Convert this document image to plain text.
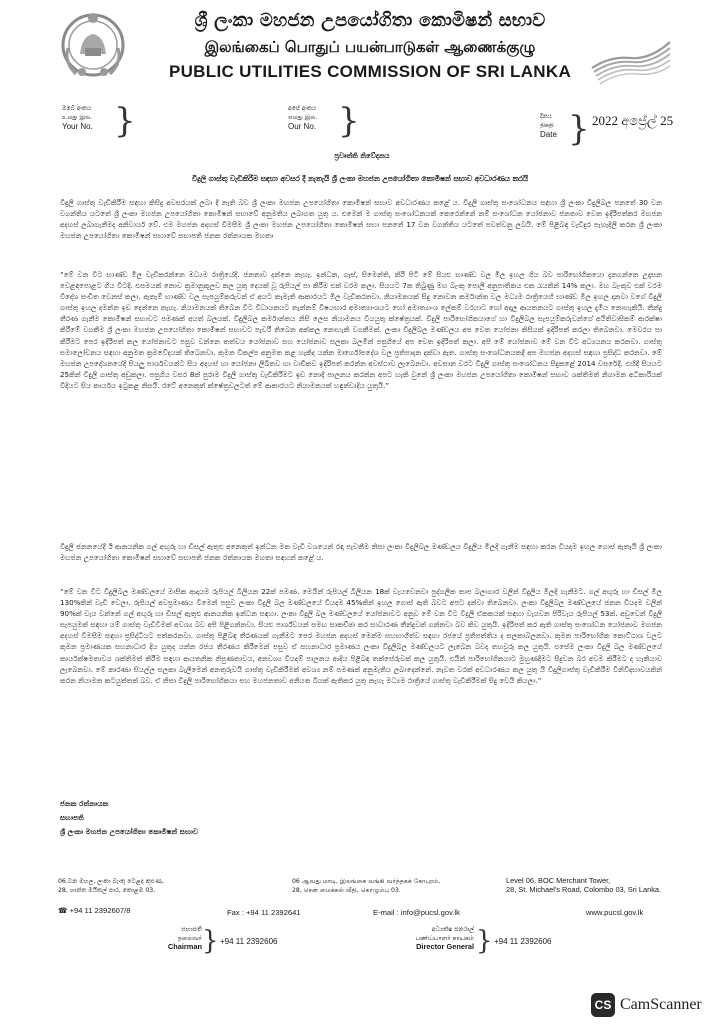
ශ්‍රී ලංකා මහජන උපයෝගිතා කොමිෂන් සභාව
இலங்கைப் பொதுப் பயன்பாடுகள் ஆணைக்குழு
PUBLIC UTILITIES COMMISSION OF SRI LANKA
ඔබේ අංකය
உமது இல.
Your No. }	අපේ අංකය
எமது இல.
Our No. }	දිනය
திகதி
Date } 2022 අප්‍රේල් 25
ප්‍රවෘත්ති නිවේදනය
විදුලි ගාස්තු වැඩිකිරීම සඳහා අවසර දී නැතැයි ශ්‍රී ලංකා මහජන උපයෝගිතා කොමිෂන් සභාව අවධාරණය කරයි

විදුලි ගාස්තු වැඩිකිරීම සඳහා කිසිදු අවසරයක් ලබා දී නැති බව ශ්‍රී ලංකා මහජන උපයෝගිතා කොමිෂන් සභාව අවධාරණය කළේ ය. විදුලි ගාස්තු සංශෝධනය සඳහා ශ්‍රී ලංකා විදුලිබල පනතේ 30 වන වගන්තිය යටතේ ශ්‍රී ලංකා මහජන උපයෝගිතා කොමිෂන් සභාවේ අනුමතිය ලබාගත යුතු ය. එමෙන් ම ගාස්තු සංශෝධනයක් කෙරෙන්නේ නම් සංශෝධන යෝජනාව ජනතාව වෙත ඉදිරිපත්කර මහජන අදහස් ලබාගැනීමද අනිවාර්ය වේ. එම මහජන අදහස් විමසීම ශ්‍රී ලංකා මහජන උපයෝගිතා කොමිෂන් සභා පනතේ 17 වන වගන්තිය යටතේ පවත්වනු ලබයි. මේ පිළිබඳ වැඩිදුර පැහැදිලි කරන ශ්‍රී ලංකා මහජන උපයෝගිතා කොමිෂන් සභාවේ සභාපති ජනක රත්නායක මහතා

“මේ වන විට භාණ්ඩ මිල වැඩිකරන්නෙ මධ්‍යම රාත්‍රියේදී. ජනතාව දන්නෙ නැහැ. ඉන්ධන, ගෑස්, සිමෙන්ති, කිරි පිටි මේ සියළු භාණ්ඩ වල මිල ඉහල ගිය බව පාරිභෝගිකයො දැනගන්නෙ උදෑසන වෙළඳපොළට ගිය විටදී. එසමයක් නොව ක්‍රමානුකූලව කල යුතු දෙයක් වූ රුපියල් පා කිරීම එක් වරම කලා. සියයට 7ක තිබුණු මහ බැංකු පොලී අනුපාතිකය එක රැයකින් 14% කලා. මහ බැංකුව එක් වරම විදේශ සංචිත වෙනස් කලා. ඇතැම් භාණ්ඩ වල සැපයුම්කරුවන් ඒ අයට කැමැති ආකාරයට මිල වැඩිකරනවා. නියාමනයක් සිදු නොවන කර්මාන්ත වල මධ්‍යම රාත්‍රියෙහි භාණ්ඩ මිල ඉහල දානවා වගේ විදුලි ගාස්තු ඉහල දමන්න ඉඩ දෙන්නෙ නැහැ. නියාමනයක් තිබෙන විට විධායකයට තැන්නම් විෂයභාර අමාත්‍යාංශයට හෝ අමාත්‍යාංශ ලේකම් වරයාට හෝ අදාල ආයතනයට ගාස්තු ඉහල දැමිය නොහැකියි. තීන්දු තීරණ ගැනීම කොමිෂන් සභාවට පමණක් අයත් බලයක්. විදුලිබල කර්මාන්තය නිසි ලෙස නියාමනය වියයුතු ක්ෂේත්‍රයක්. විදුලි පාරිභෝගිකයාගේ හා විදුලිබල සැපයුම්කරුවන්ගේ අයිතිවාසිකම් ආරක්ෂා කිරීමේ වගකීම ශ්‍රී ලංකා මහජන උපයෝගිතා කොමිෂන් සභාවට පැවරී තිබෙන අක්කල නොහැකි වගකීමක්. ලංකා විදුලිබල මණ්ඩලය අප වෙත යෝජනා කිසියක් ඉදිරිපත් කරලා තිබෙනවා. මෙවරය පා කිරීමට පෙර ඉදිරිපත් කල යෝජනාවට පසුව වන්නෙ තත්වය යෝජනාව සහ යෝජනාව සලකා බලමින් පසුගියේ අප වෙත ඉදිරිපත් කලා. අපි මේ යෝජනාව මේ වන විට අධ්‍යයනය කරනවා. ගාස්තු සමාලෝචනය සඳහා අනුමත ක්‍රමවේදයක් තිබෙනවා. කුමන විකල්ප අනුමත කළ හැකිද යන්න මාර්ගෝපදේශ වල ප්‍රතිපාදන දක්වා ඇත. ගාස්තු සංශෝධනයකදී අප මහජන අදහස් සඳහා ප්‍රසිද්ධ කරනවා. මේ මහජන උපදේශනයේදී සියලු පාර්ශවයන්ට සිය අදහස් හා යෝජනා ලිඛිතව හා වාචිකව ඉදිරිපත් කරන්න අවස්ථාව ලැබෙනවා. අවසාන වරට විදුලි ගාස්තු සංශෝධනය සිදුකළේ 2014 වසරේදී. එහිදී සියයට 25කින් විදුලි ගාස්තු අඩුකලා. පසුගිය වසර 8ක් පුරාම විදුලි ගාස්තු වැඩිකිරීමට ඉඩ නොදී පාලනය කරන්න අපට හැකි වුනේ ශ්‍රී ලංකා මහජන උපයෝගිතා කොමිෂන් සභාව ශක්තිමත් නියාමන අධිකාරියක් විදියට සිය කාර්යය ඉටුකළ නිසයි. රටේ අනෙකුත් ක්ෂේත්‍රවලටත් මේ ආකාරයට නියාමනයක් හඳුන්වාදිය යුතුයි.”

විදුලි ජනනයේදී ඊ ආනයනික ගල් අඟුරු හා ඩීසල් ඇතුළු අනෙකුත් ඉන්ධන මත වැඩි වශයෙන් රඳා පැවතීම නිසා ලංකා විදුලිබල මණ්ඩලය විදුලිය මිලදී ගැනීම සඳහා කරන වියදම ඉහල ගොස් ඇතැයි ශ්‍රී ලංකා මහජන උපයෝගිතා කොමිෂන් සභාවේ සභාපති ජනක රත්නායක මහතා සඳහන් කළේ ය.

“මේ වන විට විදුලිබල මණ්ඩලයේ මාසික ආදායම රුපියල් බිලියන 22ක් පමණ. මෙයින් රුපියල් බිලියන 18ක් වැයවෙනවා පුද්ගලික තාප බලාගාර වලින් විදුලිය මිලදී ගැනීමට. ගල් අඟුරු හා ඩීසල් මිල 130%කින් වැඩි වෙලා. රුපියල් අවප්‍රමාණය වීමෙන් පසුව ලංකා විදුලි බල මණ්ඩලයේ වියදම 45%කින් ඉහල ගොස් ඇති බවට අපට දන්වා තිබෙනවා. ලංකා විදුලිබල මණ්ඩලයේ ජනන වියදම වලින් 90%ක් වැය වන්නේ ගල් අඟුරු හා ඩීසල් ඇතුළු ආනයනික ඉන්ධන සඳහා. ලංකා විදුලි බල මණ්ඩලයේ යෝජනාවට අනුව මේ වන විට විදුලි ඒකකයක් සඳහා වැයවන පිරිවැය රුපියල් 53ක්. අඩුවෙන් විදුලි සැපයුමක් සඳහා යම් ගාස්තු වැඩිවීමක් අවශ්‍ය බව අපි පිළිගන්නවා. සියළු පාර්ශ්වයන් සමඟ සාකච්ඡා කර සාධාරණ තීන්දුවක් ගන්නවා බව කිව යුතුයි. ඉදිරිපත් කර ඇති ගාස්තු සංශෝධන යෝජනාව මහජන අදහස් විමසීම සඳහා ප්‍රසිද්ධියට පත්කරනවා. ගාස්තු පිළිබඳ තීරණයක් ගැනීමට පෙර මහජන අදහස් මෙන්ම සහභාගීත්ව සඳහා රජයේ ප්‍රතිපත්තිය ද සලකාබලනවා. කුමන පාරිභෝගික කොට්ඨාශ වලට කුමන ප්‍රමාණයක සහනාධාර දිය යුතුද යන්න රජය තීරණය කිරීමෙන් පසුව ඒ සහනාධාර ප්‍රමාණය ලංකා විදුලිබල මණ්ඩලයට ලැබෙන බවද තහවුරු කල යුතුයි. එසේම ලංකා විදුලි බල මණ්ඩලයේ කාර්යක්ෂමතාවය ශක්තිමත් කිරීම සඳහා ආයතනික නිපුණතාවය, අනවශ්‍ය වියදම් පාලනය ආදිය පිළිබඳ තක්සේරුවක් කල යුතුයි. එයින් පාරිභෝගිකයාට මුහුණදීමට සිදුවන බර අවම කිරීමට ද හැකියාව ලැබෙනවා. මේ කාරණා සියල්ල සලකා බැලීමෙන් අනතුරුවයි ගාස්තු වැඩිකිරීමක් අවශ්‍ය නම් පමණක් අනුමැතිය ලබාදෙන්නේ. නැවත වරක් අවධාරණය කල යුතු යි විදුලිගාස්තු වැඩිකිරීම විනිවිදභාවයකින් කරන නියාමන කටයුත්තක් බව. ඒ නිසා විදුලි පාරිභෝගිකයා සහ මහජනතාව අනියත බියක් ඇතිකර යුතු නැහැ මධ්‍යම රාත්‍රියේ ගාස්තු වැඩිකිරීමක් සිදු වෙයි කියලා.”

ජනක රත්නායක
සභාපති
ශ්‍රී ලංකා මහජන උපයෝගිතා කොමිෂන් සභාව
06.වන මහල, ලංකා බැංකු වෙළඳ කුළුණ,
28, ශාන්ත මයිකල් පාර, කොළඹ 03.
06 ஆவது மாடி, இலங்கை வங்கி வர்த்தகக் கோபுரம்,
28, சென் மைக்கல் வீதி, கொழும்பு 03.
Level 06, BOC Merchant Tower,
28, St. Michael's Road, Colombo 03, Sri Lanka.
☎ +94 11 2392607/8	Fax : +94 11 2392641	E-mail : info@pucsl.gov.lk	www.pucsl.gov.lk
සභාපති
தலைவர்
Chairman } +94 11 2392606
අධ්‍යක්ෂ ජනරාල්
பணிப்பாளர் நாயகம்
Director General } +94 11 2392606
CS CamScanner
